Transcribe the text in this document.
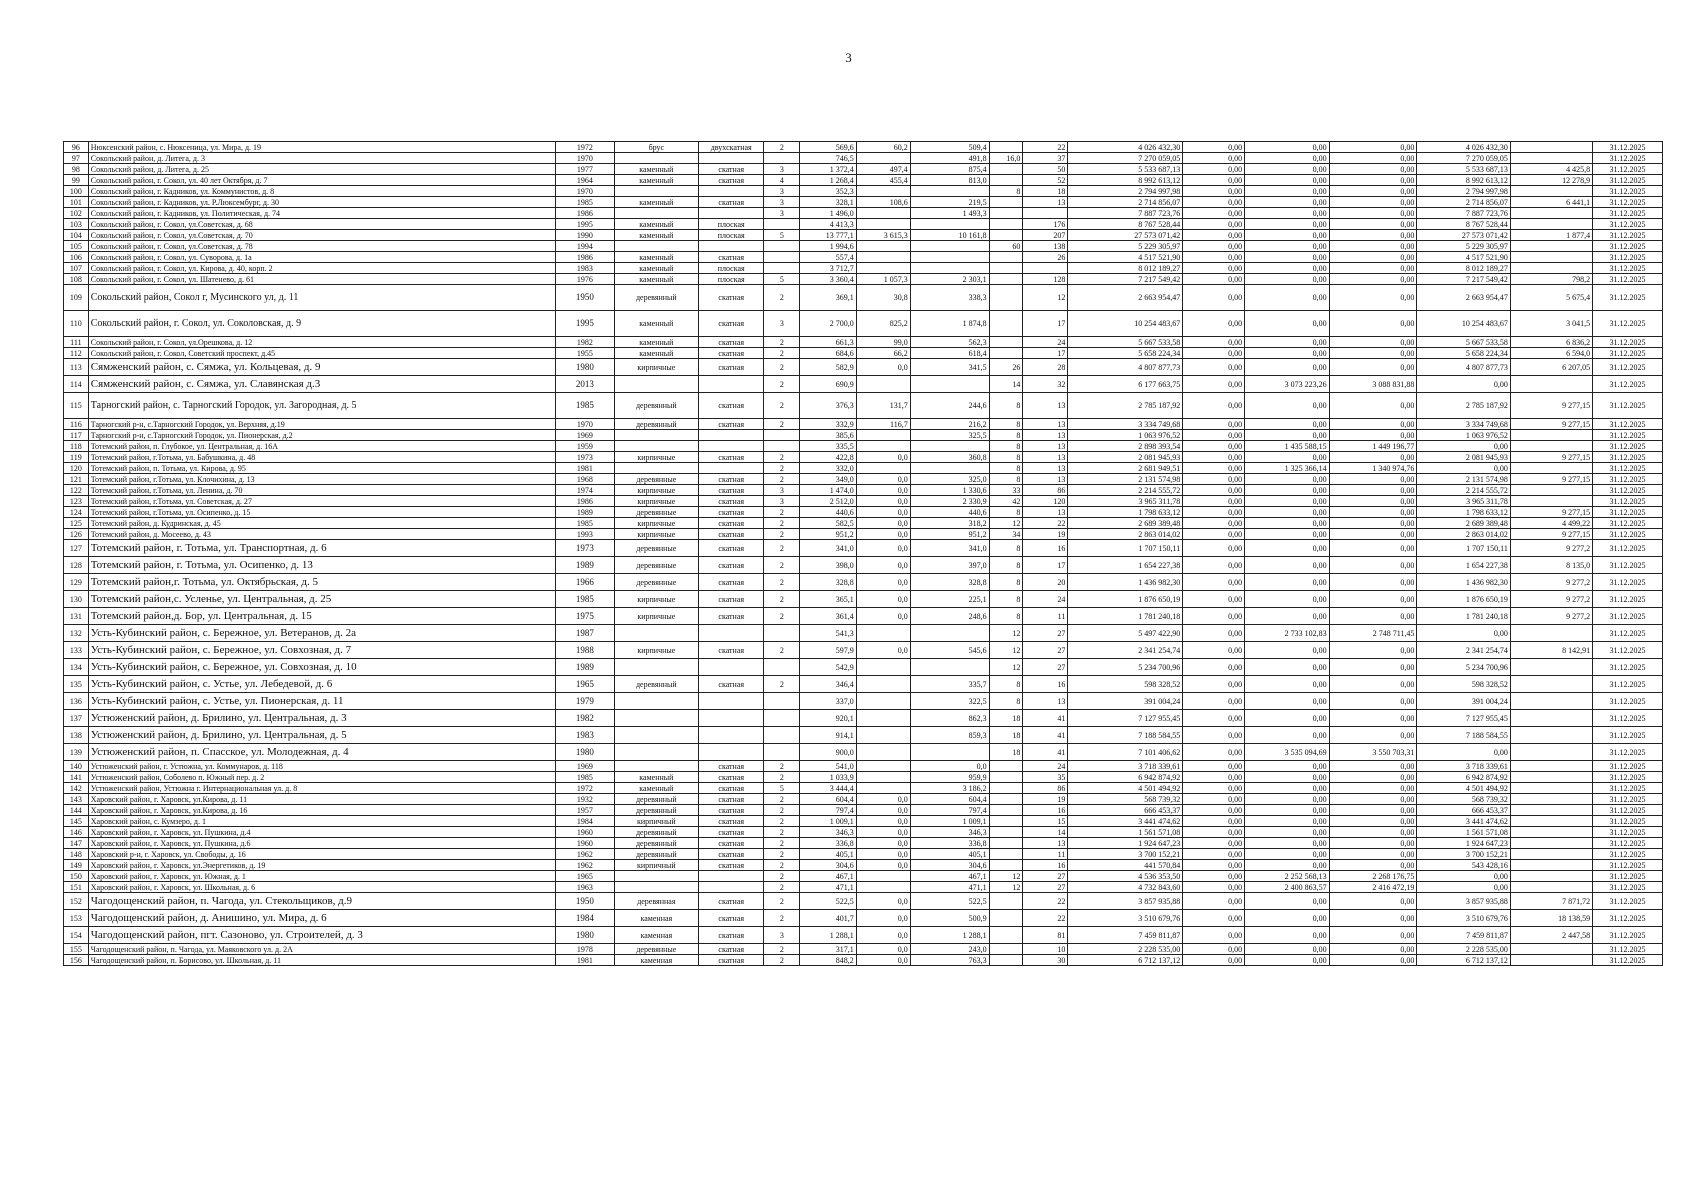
3
96	Нюксенский район, с. Нюксеница, ул. Мира, д. 19	1972	брус	двухскатная	2	569,6	60,2	509,4		22	4 026 432,30	0,00	0,00	0,00	4 026 432,30		31.12.2025
97	Сокольский район, д. Литега, д. 3	1970				746,5		491,8	16,0	37	7 270 059,05	0,00	0,00	0,00	7 270 059,05		31.12.2025
98	Сокольский район, д. Литега, д. 25	1977	каменный	скатная	3	1 372,4	497,4	875,4		50	5 533 687,13	0,00	0,00	0,00	5 533 687,13	4 425,8	31.12.2025
99	Сокольский район, г. Сокол, ул. 40 лет Октября, д. 7	1964	каменный	скатная	4	1 268,4	455,4	813,0		52	8 992 613,12	0,00	0,00	0,00	8 992 613,12	12 278,9	31.12.2025
100	Сокольский район, г. Кадников, ул. Коммунистов, д. 8	1970			3	352,3			8	18	2 794 997,98	0,00	0,00	0,00	2 794 997,98		31.12.2025
101	Сокольский район, г. Кадников, ул. Р.Люксембург, д. 30	1985	каменный	скатная	3	328,1	108,6	219,5		13	2 714 856,07	0,00	0,00	0,00	2 714 856,07	6 441,1	31.12.2025
102	Сокольский район, г. Кадников, ул. Политическая, д. 74	1986			3	1 496,0		1 493,3			7 887 723,76	0,00	0,00	0,00	7 887 723,76		31.12.2025
103	Сокольский район, г. Сокол, ул.Советская, д. 68	1995	каменный	плоская		4 413,3				176	8 767 528,44	0,00	0,00	0,00	8 767 528,44		31.12.2025
104	Сокольский район, г. Сокол, ул.Советская, д. 70	1990	каменный	плоская	5	13 777,1	3 615,3	10 161,8		207	27 573 071,42	0,00	0,00	0,00	27 573 071,42	1 877,4	31.12.2025
105	Сокольский район, г. Сокол, ул.Советская, д. 78	1994				1 994,6			60	138	5 229 305,97	0,00	0,00	0,00	5 229 305,97		31.12.2025
106	Сокольский район, г. Сокол, ул. Суворова, д. 1а	1986	каменный	скатная		557,4				26	4 517 521,90	0,00	0,00	0,00	4 517 521,90		31.12.2025
107	Сокольский район, г. Сокол, ул. Кирова, д. 40, корп. 2	1983	каменный	плоская		3 712,7					8 012 189,27	0,00	0,00	0,00	8 012 189,27		31.12.2025
108	Сокольский район, г. Сокол, ул. Шатенево, д. 61	1976	каменный	плоская	5	3 360,4	1 057,3	2 303,1		128	7 217 549,42	0,00	0,00	0,00	7 217 549,42	798,2	31.12.2025
109	Сокольский район, Сокол г, Мусинского ул, д. 11	1950	деревянный	скатная	2	369,1	30,8	338,3		12	2 663 954,47	0,00	0,00	0,00	2 663 954,47	5 675,4	31.12.2025
110	Сокольский район, г. Сокол, ул. Соколовская, д. 9	1995	каменный	скатная	3	2 700,0	825,2	1 874,8		17	10 254 483,67	0,00	0,00	0,00	10 254 483,67	3 041,5	31.12.2025
111	Сокольский район, г. Сокол, ул.Орешкова, д. 12	1982	каменный	скатная	2	661,3	99,0	562,3		24	5 667 533,58	0,00	0,00	0,00	5 667 533,58	6 836,2	31.12.2025
112	Сокольский район, г. Сокол, Советский проспект, д.45	1955	каменный	скатная	2	684,6	66,2	618,4		17	5 658 224,34	0,00	0,00	0,00	5 658 224,34	6 594,0	31.12.2025
113	Сямженский район, с. Сямжа, ул. Кольцевая, д. 9	1980	кирпичные	скатная	2	582,9	0,0	341,5	26	28	4 807 877,73	0,00	0,00	0,00	4 807 877,73	6 207,05	31.12.2025
114	Сямженский район, с. Сямжа, ул. Славянская д.3	2013			2	690,9			14	32	6 177 663,75	0,00	3 073 223,26	3 088 831,88	0,00		31.12.2025
115	Тарногский район, с. Тарногский Городок, ул. Загородная, д. 5	1985	деревянный	скатная	2	376,3	131,7	244,6	8	13	2 785 187,92	0,00	0,00	0,00	2 785 187,92	9 277,15	31.12.2025
116	Тарногский р-н, с.Тарногский Городок, ул. Верхняя, д.19	1970	деревянный	скатная	2	332,9	116,7	216,2	8	13	3 334 749,68	0,00	0,00	0,00	3 334 749,68	9 277,15	31.12.2025
117	Тарногский р-н, с.Тарногский Городок, ул. Пионерская, д.2	1969				385,6		325,5	8	13	1 063 976,52	0,00	0,00	0,00	1 063 976,52		31.12.2025
118	Тотемский район, п. Глубокое, ул. Центральная, д. 16А	1959				335,5			8	13	2 898 393,54	0,00	1 435 588,15	1 449 196,77	0,00		31.12.2025
119	Тотемский район, г.Тотьма, ул. Бабушкина, д. 48	1973	кирпичные	скатная	2	422,8	0,0	360,8	8	13	2 081 945,93	0,00	0,00	0,00	2 081 945,93	9 277,15	31.12.2025
120	Тотемский район, п. Тотьма, ул. Кирова, д. 95	1981			2	332,0			8	13	2 681 949,51	0,00	1 325 366,14	1 340 974,76	0,00		31.12.2025
121	Тотемский район, г.Тотьма, ул. Клочихина, д. 13	1968	деревянные	скатная	2	349,0	0,0	325,0	8	13	2 131 574,98	0,00	0,00	0,00	2 131 574,98	9 277,15	31.12.2025
122	Тотемский район, г.Тотьма, ул. Ленина, д. 70	1974	кирпичные	скатная	3	1 474,0	0,0	1 330,6	33	86	2 214 555,72	0,00	0,00	0,00	2 214 555,72		31.12.2025
123	Тотемский район, г.Тотьма, ул. Советская, д. 27	1986	кирпичные	скатная	3	2 512,0	0,0	2 330,9	42	120	3 965 311,78	0,00	0,00	0,00	3 965 311,78		31.12.2025
124	Тотемский район, г.Тотьма, ул. Осипенко, д. 15	1989	деревянные	скатная	2	440,6	0,0	440,6	8	13	1 798 633,12	0,00	0,00	0,00	1 798 633,12	9 277,15	31.12.2025
125	Тотемский район, д. Кудринская, д. 45	1985	кирпичные	скатная	2	582,5	0,0	318,2	12	22	2 689 389,48	0,00	0,00	0,00	2 689 389,48	4 499,22	31.12.2025
126	Тотемский район, д. Мосеево, д. 43	1993	кирпичные	скатная	2	951,2	0,0	951,2	34	19	2 863 014,02	0,00	0,00	0,00	2 863 014,02	9 277,15	31.12.2025
127	Тотемский район, г. Тотьма, ул. Транспортная, д. 6	1973	деревянные	скатная	2	341,0	0,0	341,0	8	16	1 707 150,11	0,00	0,00	0,00	1 707 150,11	9 277,2	31.12.2025
128	Тотемский район, г. Тотьма, ул. Осипенко, д. 13	1989	деревянные	скатная	2	398,0	0,0	397,0	8	17	1 654 227,38	0,00	0,00	0,00	1 654 227,38	8 135,0	31.12.2025
129	Тотемский район,г. Тотьма, ул. Октябрьская, д. 5	1966	деревянные	скатная	2	328,8	0,0	328,8	8	20	1 436 982,30	0,00	0,00	0,00	1 436 982,30	9 277,2	31.12.2025
130	Тотемский район,с. Усленье, ул. Центральная, д. 25	1985	кирпичные	скатная	2	365,1	0,0	225,1	8	24	1 876 650,19	0,00	0,00	0,00	1 876 650,19	9 277,2	31.12.2025
131	Тотемский район,д. Бор, ул. Центральная, д. 15	1975	кирпичные	скатная	2	361,4	0,0	248,6	8	11	1 781 240,18	0,00	0,00	0,00	1 781 240,18	9 277,2	31.12.2025
132	Усть-Кубинский район, с. Бережное, ул. Ветеранов, д. 2а	1987				541,3			12	27	5 497 422,90	0,00	2 733 102,83	2 748 711,45	0,00		31.12.2025
133	Усть-Кубинский район, с. Бережное, ул. Совхозная, д. 7	1988	кирпичные	скатная	2	597,9	0,0	545,6	12	27	2 341 254,74	0,00	0,00	0,00	2 341 254,74	8 142,91	31.12.2025
134	Усть-Кубинский район, с. Бережное, ул. Совхозная, д. 10	1989				542,9			12	27	5 234 700,96	0,00	0,00	0,00	5 234 700,96		31.12.2025
135	Усть-Кубинский район, с. Устье, ул. Лебедевой, д. 6	1965	деревянный	скатная	2	346,4		335,7	8	16	598 328,52	0,00	0,00	0,00	598 328,52		31.12.2025
136	Усть-Кубинский район, с. Устье, ул. Пионерская, д. 11	1979				337,0		322,5	8	13	391 004,24	0,00	0,00	0,00	391 004,24		31.12.2025
137	Устюженский район, д. Брилино, ул. Центральная, д. 3	1982				920,1		862,3	18	41	7 127 955,45	0,00	0,00	0,00	7 127 955,45		31.12.2025
138	Устюженский район, д. Брилино, ул. Центральная, д. 5	1983				914,1		859,3	18	41	7 188 584,55	0,00	0,00	0,00	7 188 584,55		31.12.2025
139	Устюженский район, п. Спасское, ул. Молодежная, д. 4	1980				900,0			18	41	7 101 406,62	0,00	3 535 094,69	3 550 703,31	0,00		31.12.2025
140	Устюженский район, г. Устюжна, ул. Коммунаров, д. 118	1969		скатная	2	541,0		0,0		24	3 718 339,61	0,00	0,00	0,00	3 718 339,61		31.12.2025
141	Устюженский район, Соболево п. Южный пер. д. 2	1985	каменный	скатная	2	1 033,9		959,9		35	6 942 874,92	0,00	0,00	0,00	6 942 874,92		31.12.2025
142	Устюженский район, Устюжна г. Интернациональная ул. д. 8	1972	каменный	скатная	5	3 444,4		3 186,2		86	4 501 494,92	0,00	0,00	0,00	4 501 494,92		31.12.2025
143	Харовский район, г. Харовск, ул.Кирова, д. 11	1932	деревянный	скатная	2	604,4	0,0	604,4		19	568 739,32	0,00	0,00	0,00	568 739,32		31.12.2025
144	Харовский район, г. Харовск, ул.Кирова, д. 16	1957	деревянный	скатная	2	797,4	0,0	797,4		16	666 453,37	0,00	0,00	0,00	666 453,37		31.12.2025
145	Харовский район, с. Кумзеро, д. 1	1984	кирпичный	скатная	2	1 009,1	0,0	1 009,1		15	3 441 474,62	0,00	0,00	0,00	3 441 474,62		31.12.2025
146	Харовский район, г. Харовск, ул. Пушкина, д.4	1960	деревянный	скатная	2	346,3	0,0	346,3		14	1 561 571,08	0,00	0,00	0,00	1 561 571,08		31.12.2025
147	Харовский район, г. Харовск, ул. Пушкина, д.6	1960	деревянный	скатная	2	336,8	0,0	336,8		13	1 924 647,23	0,00	0,00	0,00	1 924 647,23		31.12.2025
148	Харовский р-н, г. Харовск, ул. Свободы, д. 16	1962	деревянный	скатная	2	405,1	0,0	405,1		11	3 700 152,21	0,00	0,00	0,00	3 700 152,21		31.12.2025
149	Харовский район, г. Харовск, ул.Энергетиков, д. 19	1962	кирпичный	скатная	2	304,6	0,0	304,6		16	441 570,84	0,00	0,00	0,00	543 428,16		31.12.2025
150	Харовский район, г. Харовск, ул. Южная, д. 1	1965			2	467,1		467,1	12	27	4 536 353,50	0,00	2 252 568,13	2 268 176,75	0,00		31.12.2025
151	Харовский район, г. Харовск, ул. Школьная, д. 6	1963			2	471,1		471,1	12	27	4 732 843,60	0,00	2 400 863,57	2 416 472,19	0,00		31.12.2025
152	Чагодощенский район, п. Чагода, ул. Стекольщиков, д.9	1950	деревянная	скатная	2	522,5	0,0	522,5		22	3 857 935,88	0,00	0,00	0,00	3 857 935,88	7 871,72	31.12.2025
153	Чагодощенский район, д. Анишино, ул. Мира, д. 6	1984	каменная	скатная	2	401,7	0,0	500,9		22	3 510 679,76	0,00	0,00	0,00	3 510 679,76	18 138,59	31.12.2025
154	Чагодощенский район, пгт. Сазоново, ул. Строителей, д. 3	1980	каменная	скатная	3	1 288,1	0,0	1 288,1		81	7 459 811,87	0,00	0,00	0,00	7 459 811,87	2 447,58	31.12.2025
155	Чагодощенский район, п. Чагода, ул. Маяковского ул. д. 2А	1978	деревянные	скатная	2	317,1	0,0	243,0		10	2 228 535,00	0,00	0,00	0,00	2 228 535,00		31.12.2025
156	Чагодощенский район, п. Борисово, ул. Школьная, д. 11	1981	каменная	скатная	2	848,2	0,0	763,3		30	6 712 137,12	0,00	0,00	0,00	6 712 137,12		31.12.2025
